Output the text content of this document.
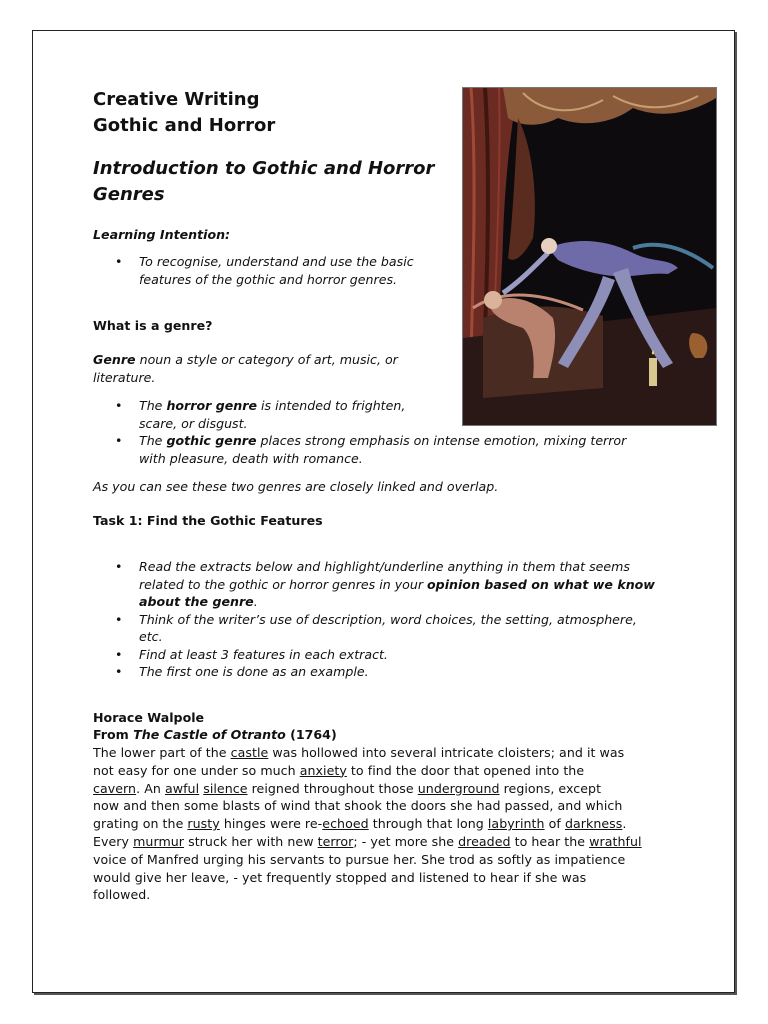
Creative Writing
Gothic and Horror
Introduction to Gothic and Horror
Genres
Learning Intention:
• To recognise, understand and use the basic
features of the gothic and horror genres.
What is a genre?
Genre noun a style or category of art, music, or
literature.
• The horror genre is intended to frighten,
scare, or disgust.
• The gothic genre places strong emphasis on intense emotion, mixing terror
with pleasure, death with romance.
As you can see these two genres are closely linked and overlap.
Task 1: Find the Gothic Features
• Read the extracts below and highlight/underline anything in them that seems
related to the gothic or horror genres in your opinion based on what we know
about the genre.
• Think of the writer’s use of description, word choices, the setting, atmosphere,
etc.
• Find at least 3 features in each extract.
• The first one is done as an example.
Horace Walpole
From The Castle of Otranto (1764)
The lower part of the castle was hollowed into several intricate cloisters; and it was
not easy for one under so much anxiety to find the door that opened into the
cavern. An awful silence reigned throughout those underground regions, except
now and then some blasts of wind that shook the doors she had passed, and which
grating on the rusty hinges were re-echoed through that long labyrinth of darkness.
Every murmur struck her with new terror; - yet more she dreaded to hear the wrathful
voice of Manfred urging his servants to pursue her. She trod as softly as impatience
would give her leave, - yet frequently stopped and listened to hear if she was
followed.
